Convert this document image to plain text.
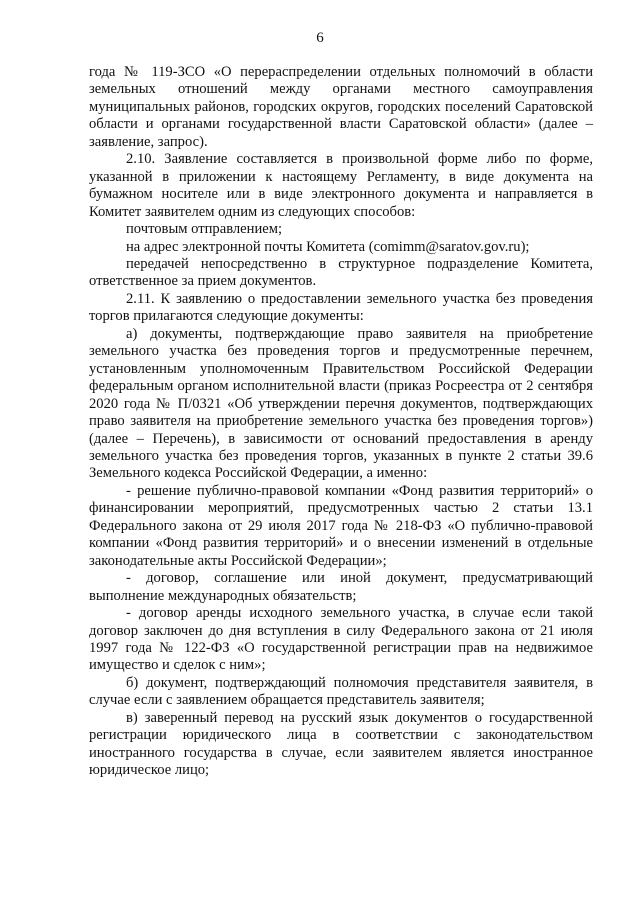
6

года № 119-ЗСО «О перераспределении отдельных полномочий в области земельных отношений между органами местного самоуправления муниципальных районов, городских округов, городских поселений Саратовской области и органами государственной власти Саратовской области» (далее – заявление, запрос).

2.10. Заявление составляется в произвольной форме либо по форме, указанной в приложении к настоящему Регламенту, в виде документа на бумажном носителе или в виде электронного документа и направляется в Комитет заявителем одним из следующих способов:

почтовым отправлением;

на адрес электронной почты Комитета (comimm@saratov.gov.ru);

передачей непосредственно в структурное подразделение Комитета, ответственное за прием документов.

2.11. К заявлению о предоставлении земельного участка без проведения торгов прилагаются следующие документы:

а) документы, подтверждающие право заявителя на приобретение земельного участка без проведения торгов и предусмотренные перечнем, установленным уполномоченным Правительством Российской Федерации федеральным органом исполнительной власти (приказ Росреестра от 2 сентября 2020 года № П/0321 «Об утверждении перечня документов, подтверждающих право заявителя на приобретение земельного участка без проведения торгов») (далее – Перечень), в зависимости от оснований предоставления в аренду земельного участка без проведения торгов, указанных в пункте 2 статьи 39.6 Земельного кодекса Российской Федерации, а именно:

- решение публично-правовой компании «Фонд развития территорий» о финансировании мероприятий, предусмотренных частью 2 статьи 13.1 Федерального закона от 29 июля 2017 года № 218-ФЗ «О публично-правовой компании «Фонд развития территорий» и о внесении изменений в отдельные законодательные акты Российской Федерации»;

- договор, соглашение или иной документ, предусматривающий выполнение международных обязательств;

- договор аренды исходного земельного участка, в случае если такой договор заключен до дня вступления в силу Федерального закона от 21 июля 1997 года № 122-ФЗ «О государственной регистрации прав на недвижимое имущество и сделок с ним»;

б) документ, подтверждающий полномочия представителя заявителя, в случае если с заявлением обращается представитель заявителя;

в) заверенный перевод на русский язык документов о государственной регистрации юридического лица в соответствии с законодательством иностранного государства в случае, если заявителем является иностранное юридическое лицо;
